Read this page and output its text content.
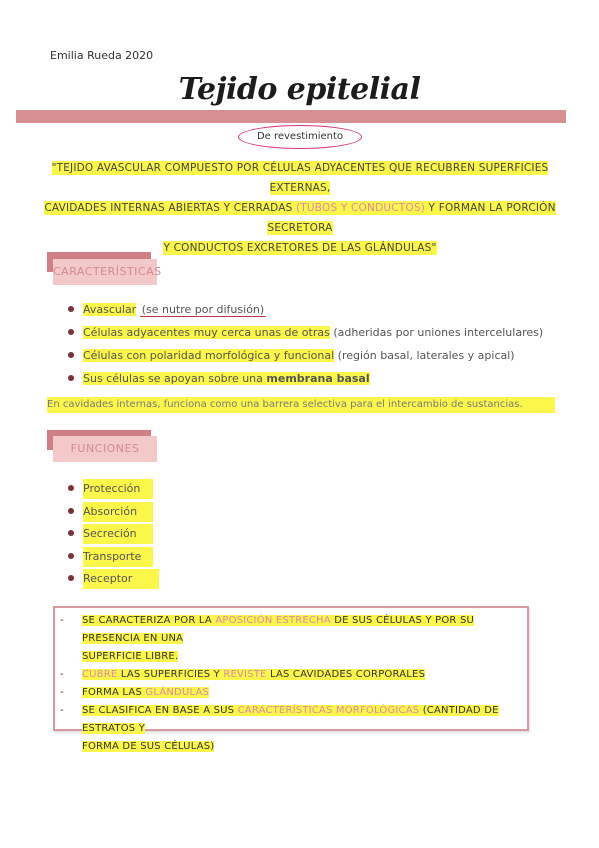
Emilia Rueda 2020
Tejido epitelial
De revestimiento
"TEJIDO AVASCULAR COMPUESTO POR CÉLULAS ADYACENTES QUE RECUBREN SUPERFICIES EXTERNAS,
CAVIDADES INTERNAS ABIERTAS Y CERRADAS (TUBOS Y CONDUCTOS) Y FORMAN LA PORCIÓN SECRETORA
Y CONDUCTOS EXCRETORES DE LAS GLÁNDULAS"
CARACTERÍSTICAS
Avascular (se nutre por difusión)
Células adyacentes muy cerca unas de otras (adheridas por uniones intercelulares)
Células con polaridad morfológica y funcional (región basal, laterales y apical)
Sus células se apoyan sobre una membrana basal
En cavidades internas, funciona como una barrera selectiva para el intercambio de sustancias.
FUNCIONES
Protección
Absorción
Secreción
Transporte
Receptor
- SE CARACTERIZA POR LA APOSICIÓN ESTRECHA DE SUS CÉLULAS Y POR SU PRESENCIA EN UNA
SUPERFICIE LIBRE.
- CUBRE LAS SUPERFICIES Y REVISTE LAS CAVIDADES CORPORALES
- FORMA LAS GLÁNDULAS
- SE CLASIFICA EN BASE A SUS CARACTERÍSTICAS MORFOLÓGICAS (CANTIDAD DE ESTRATOS Y
FORMA DE SUS CÉLULAS)
